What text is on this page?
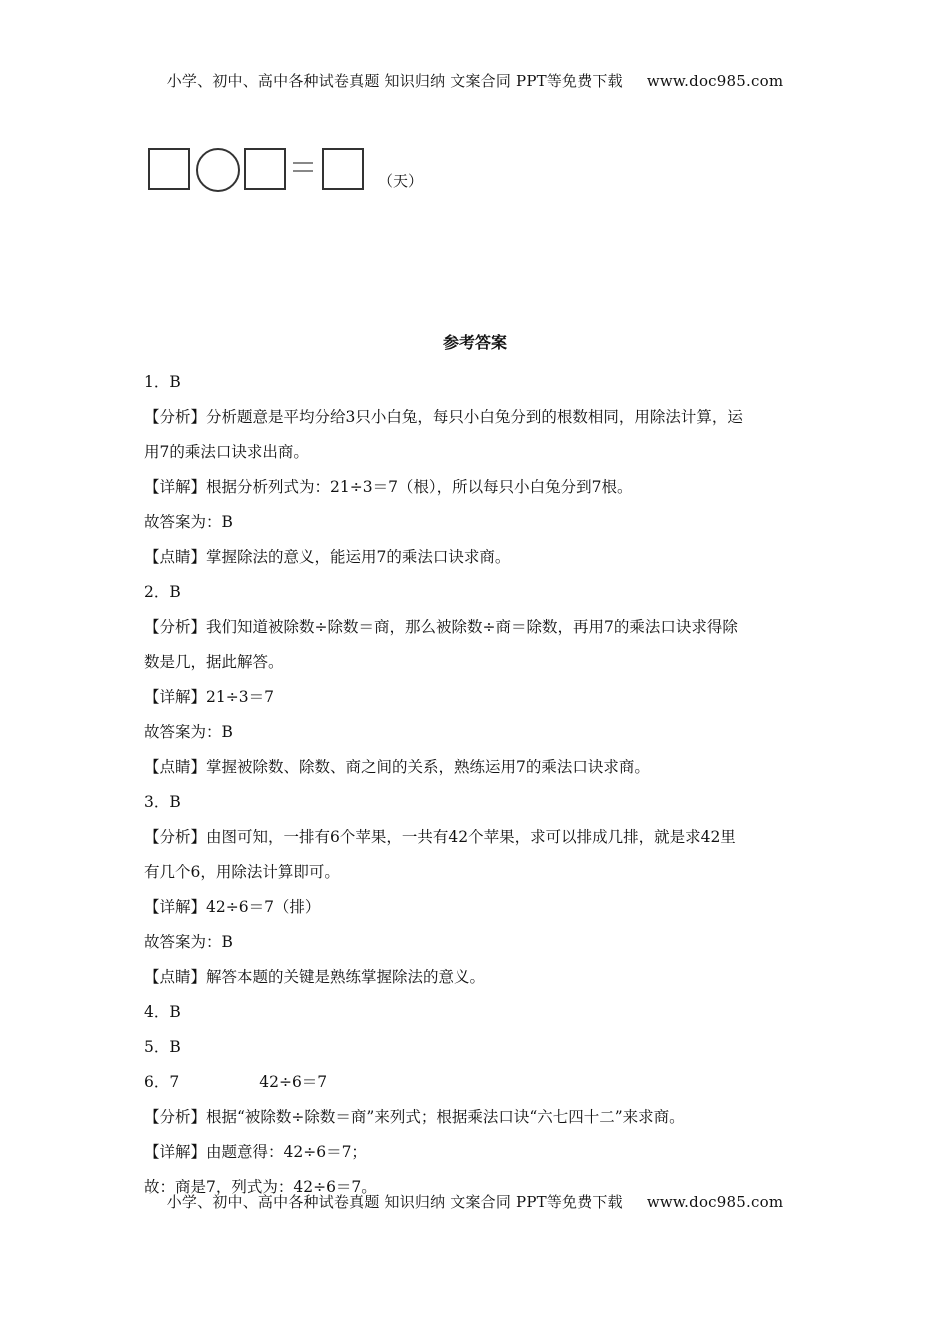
小学、初中、高中各种试卷真题 知识归纳 文案合同 PPT等免费下载 www.doc985.com
（天）
参考答案
1．B
【分析】分析题意是平均分给3只小白兔，每只小白兔分到的根数相同，用除法计算，运
用7的乘法口诀求出商。
【详解】根据分析列式为：21÷3＝7（根），所以每只小白兔分到7根。
故答案为：B
【点睛】掌握除法的意义，能运用7的乘法口诀求商。
2．B
【分析】我们知道被除数÷除数＝商，那么被除数÷商＝除数，再用7的乘法口诀求得除
数是几，据此解答。
【详解】21÷3＝7
故答案为：B
【点睛】掌握被除数、除数、商之间的关系，熟练运用7的乘法口诀求商。
3．B
【分析】由图可知，一排有6个苹果，一共有42个苹果，求可以排成几排，就是求42里
有几个6，用除法计算即可。
【详解】42÷6＝7（排）
故答案为：B
【点睛】解答本题的关键是熟练掌握除法的意义。
4．B
5．B
6．7	42÷6＝7
【分析】根据“被除数÷除数＝商”来列式；根据乘法口诀“六七四十二”来求商。
【详解】由题意得：42÷6＝7；
故：商是7，列式为：42÷6＝7。
小学、初中、高中各种试卷真题 知识归纳 文案合同 PPT等免费下载 www.doc985.com
